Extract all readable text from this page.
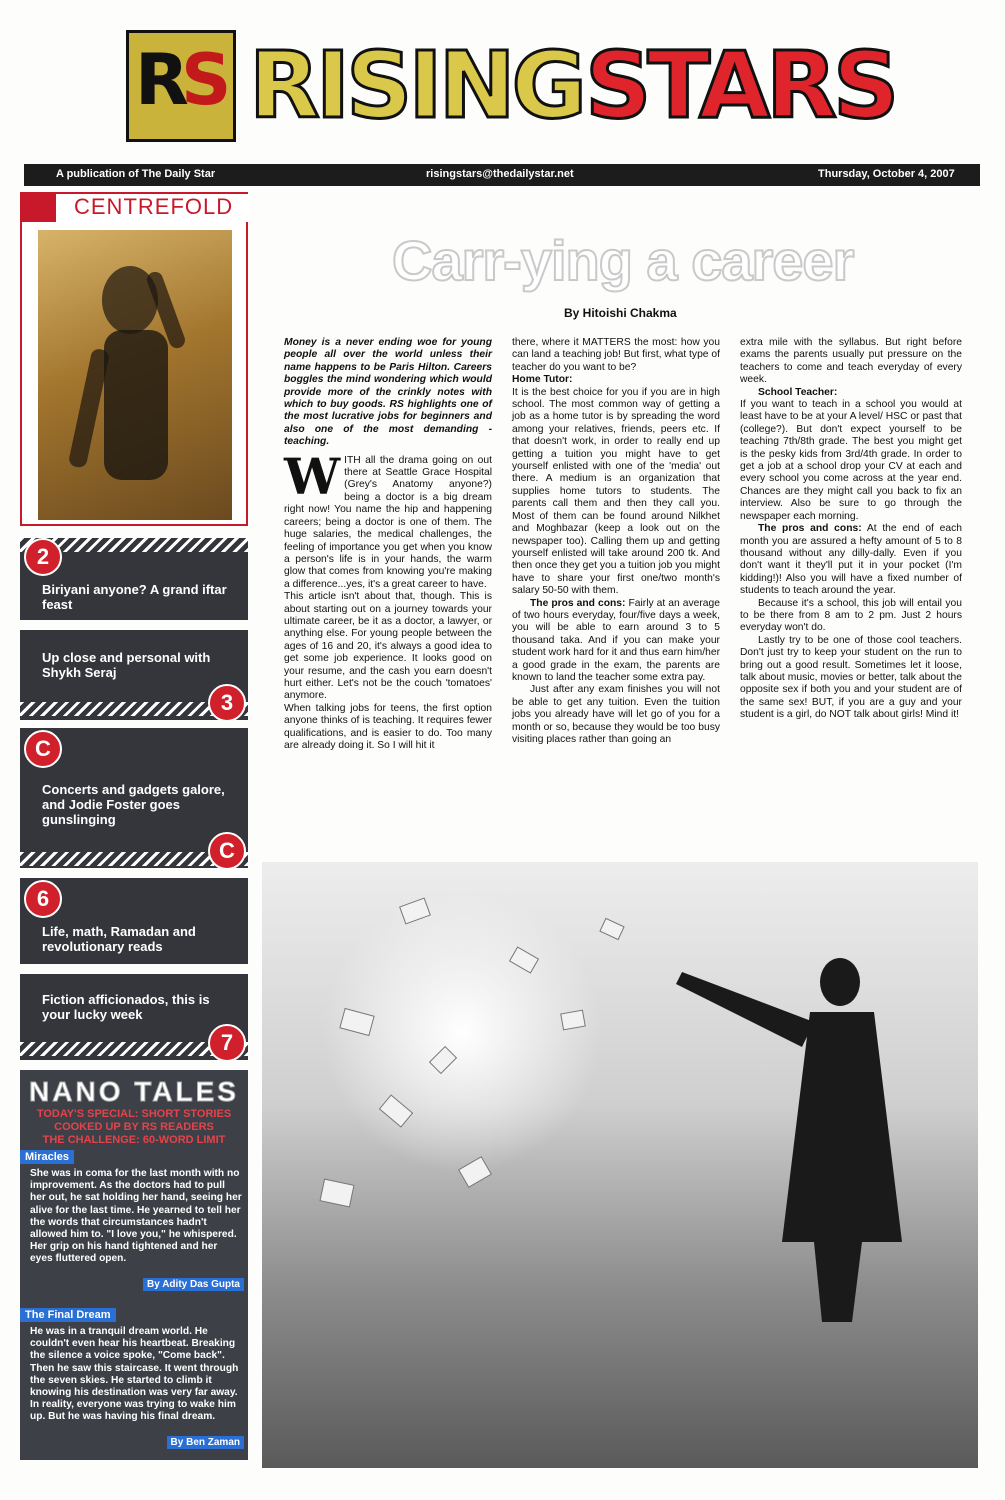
R
S RISING STARS
A publication of The Daily Star	risingstars@thedailystar.net	Thursday, October 4, 2007
CENTREFOLD
2
Biriyani anyone? A grand iftar feast
Up close and personal with Shykh Seraj
3
C
Concerts and gadgets galore, and Jodie Foster goes gunslinging
C
6
Life, math, Ramadan and revolutionary reads
Fiction afficionados, this is your lucky week
7
NANO TALES
TODAY'S SPECIAL: SHORT STORIES
COOKED UP BY RS READERS
THE CHALLENGE: 60-WORD LIMIT
Miracles
She was in coma for the last month with no improvement. As the doctors had to pull her out, he sat holding her hand, seeing her alive for the last time. He yearned to tell her the words that circumstances hadn't allowed him to. "I love you," he whispered. Her grip on his hand tightened and her eyes fluttered open.
By Adity Das Gupta
The Final Dream
He was in a tranquil dream world. He couldn't even hear his heartbeat. Breaking the silence a voice spoke, "Come back". Then he saw this staircase. It went through the seven skies. He started to climb it knowing his destination was very far away. In reality, everyone was trying to wake him up. But he was having his final dream.
By Ben Zaman
Carr-ying a career
By Hitoishi Chakma

Money is a never ending woe for young people all over the world unless their name happens to be Paris Hilton. Careers boggles the mind wondering which would provide more of the crinkly notes with which to buy goods. RS highlights one of the most lucrative jobs for beginners and also one of the most demanding -teaching.

WITH all the drama going on out there at Seattle Grace Hospital (Grey's Anatomy anyone?) being a doctor is a big dream right now! You name the hip and happening careers; being a doctor is one of them. The huge salaries, the medical challenges, the feeling of importance you get when you know a person's life is in your hands, the warm glow that comes from knowing you're making a difference...yes, it's a great career to have.

This article isn't about that, though. This is about starting out on a journey towards your ultimate career, be it as a doctor, a lawyer, or anything else. For young people between the ages of 16 and 20, it's always a good idea to get some job experience. It looks good on your resume, and the cash you earn doesn't hurt either. Let's not be the couch 'tomatoes' anymore.

When talking jobs for teens, the first option anyone thinks of is teaching. It requires fewer qualifications, and is easier to do. Too many are already doing it. So I will hit it

there, where it MATTERS the most: how you can land a teaching job! But first, what type of teacher do you want to be?

Home Tutor:

It is the best choice for you if you are in high school. The most common way of getting a job as a home tutor is by spreading the word among your relatives, friends, peers etc. If that doesn't work, in order to really end up getting a tuition you might have to get yourself enlisted with one of the 'media' out there. A medium is an organization that supplies home tutors to students. The parents call them and then they call you. Most of them can be found around Nilkhet and Moghbazar (keep a look out on the newspaper too). Calling them up and getting yourself enlisted will take around 200 tk. And then once they get you a tuition job you might have to share your first one/two month's salary 50-50 with them.

The pros and cons: Fairly at an average of two hours everyday, four/five days a week, you will be able to earn around 3 to 5 thousand taka. And if you can make your student work hard for it and thus earn him/her a good grade in the exam, the parents are known to land the teacher some extra pay.

Just after any exam finishes you will not be able to get any tuition. Even the tuition jobs you already have will let go of you for a month or so, because they would be too busy visiting places rather than going an

extra mile with the syllabus. But right before exams the parents usually put pressure on the teachers to come and teach everyday of every week.

School Teacher:

If you want to teach in a school you would at least have to be at your A level/ HSC or past that (college?). But don't expect yourself to be teaching 7th/8th grade. The best you might get is the pesky kids from 3rd/4th grade. In order to get a job at a school drop your CV at each and every school you come across at the year end. Chances are they might call you back to fix an interview. Also be sure to go through the newspaper each morning.

The pros and cons: At the end of each month you are assured a hefty amount of 5 to 8 thousand without any dilly-dally. Even if you don't want it they'll put it in your pocket (I'm kidding!)! Also you will have a fixed number of students to teach around the year.

Because it's a school, this job will entail you to be there from 8 am to 2 pm. Just 2 hours everyday won't do.

Lastly try to be one of those cool teachers. Don't just try to keep your student on the run to bring out a good result. Sometimes let it loose, talk about music, movies or better, talk about the opposite sex if both you and your student are of the same sex! BUT, if you are a guy and your student is a girl, do NOT talk about girls! Mind it!
